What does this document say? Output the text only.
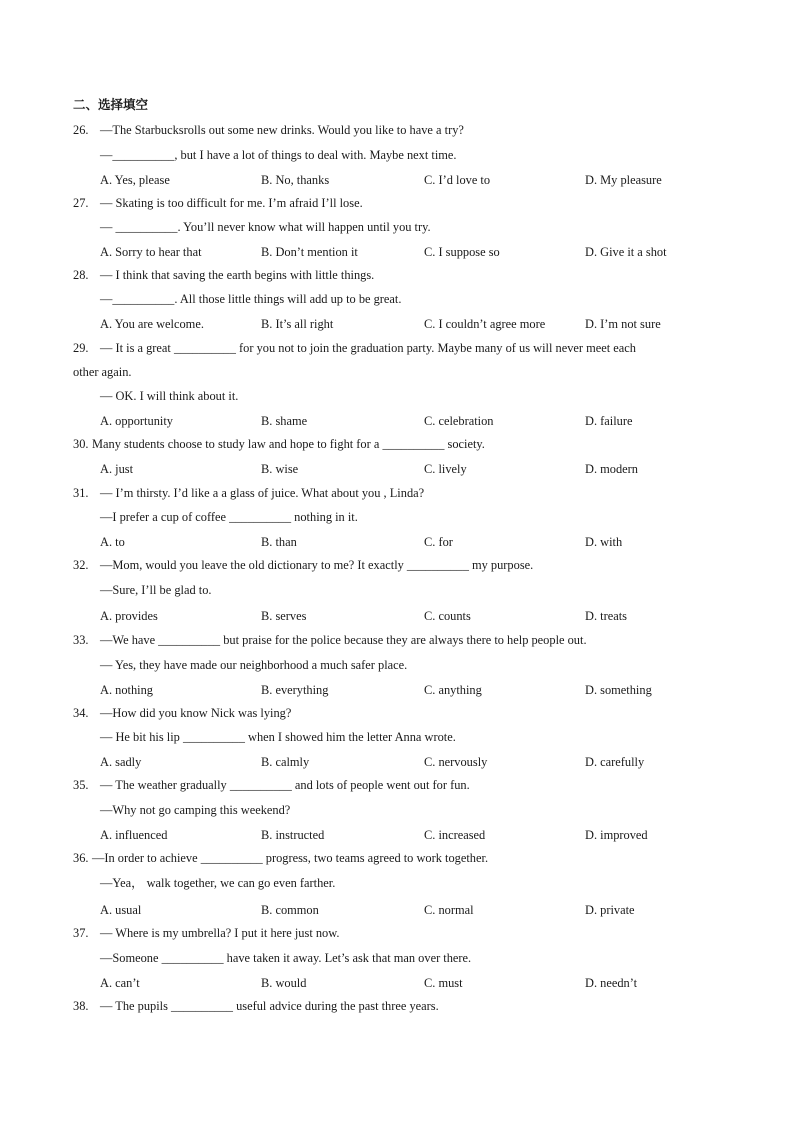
二、选择填空
26. —The Starbucksrolls out some new drinks. Would you like to have a try?
—__________, but I have a lot of things to deal with. Maybe next time.
A. Yes, please	B. No, thanks	C. I’d love to	D. My pleasure
27. — Skating is too difficult for me. I’m afraid I’ll lose.
— __________. You’ll never know what will happen until you try.
A. Sorry to hear that	B. Don’t mention it	C. I suppose so	D. Give it a shot
28. — I think that saving the earth begins with little things.
—__________. All those little things will add up to be great.
A. You are welcome.	B. It’s all right	C. I couldn’t agree more	D. I’m not sure
29. — It is a great __________ for you not to join the graduation party. Maybe many of us will never meet each
other again.
— OK. I will think about it.
A. opportunity	B. shame	C. celebration	D. failure
30. Many students choose to study law and hope to fight for a __________ society.
A. just	B. wise	C. lively	D. modern
31. — I’m thirsty. I’d like a a glass of juice. What about you , Linda?
—I prefer a cup of coffee __________ nothing in it.
A. to	B. than	C. for	D. with
32. —Mom, would you leave the old dictionary to me? It exactly __________ my purpose.
—Sure, I’ll be glad to.
A. provides	B. serves	C. counts	D. treats
33. —We have __________ but praise for the police because they are always there to help people out.
— Yes, they have made our neighborhood a much safer place.
A. nothing	B. everything	C. anything	D. something
34. —How did you know Nick was lying?
— He bit his lip __________ when I showed him the letter Anna wrote.
A. sadly	B. calmly	C. nervously	D. carefully
35. — The weather gradually __________ and lots of people went out for fun.
—Why not go camping this weekend?
A. influenced	B. instructed	C. increased	D. improved
36. —In order to achieve __________ progress, two teams agreed to work together.
—Yea， walk together, we can go even farther.
A. usual	B. common	C. normal	D. private
37. — Where is my umbrella? I put it here just now.
—Someone __________ have taken it away. Let’s ask that man over there.
A. can’t	B. would	C. must	D. needn’t
38. — The pupils __________ useful advice during the past three years.
